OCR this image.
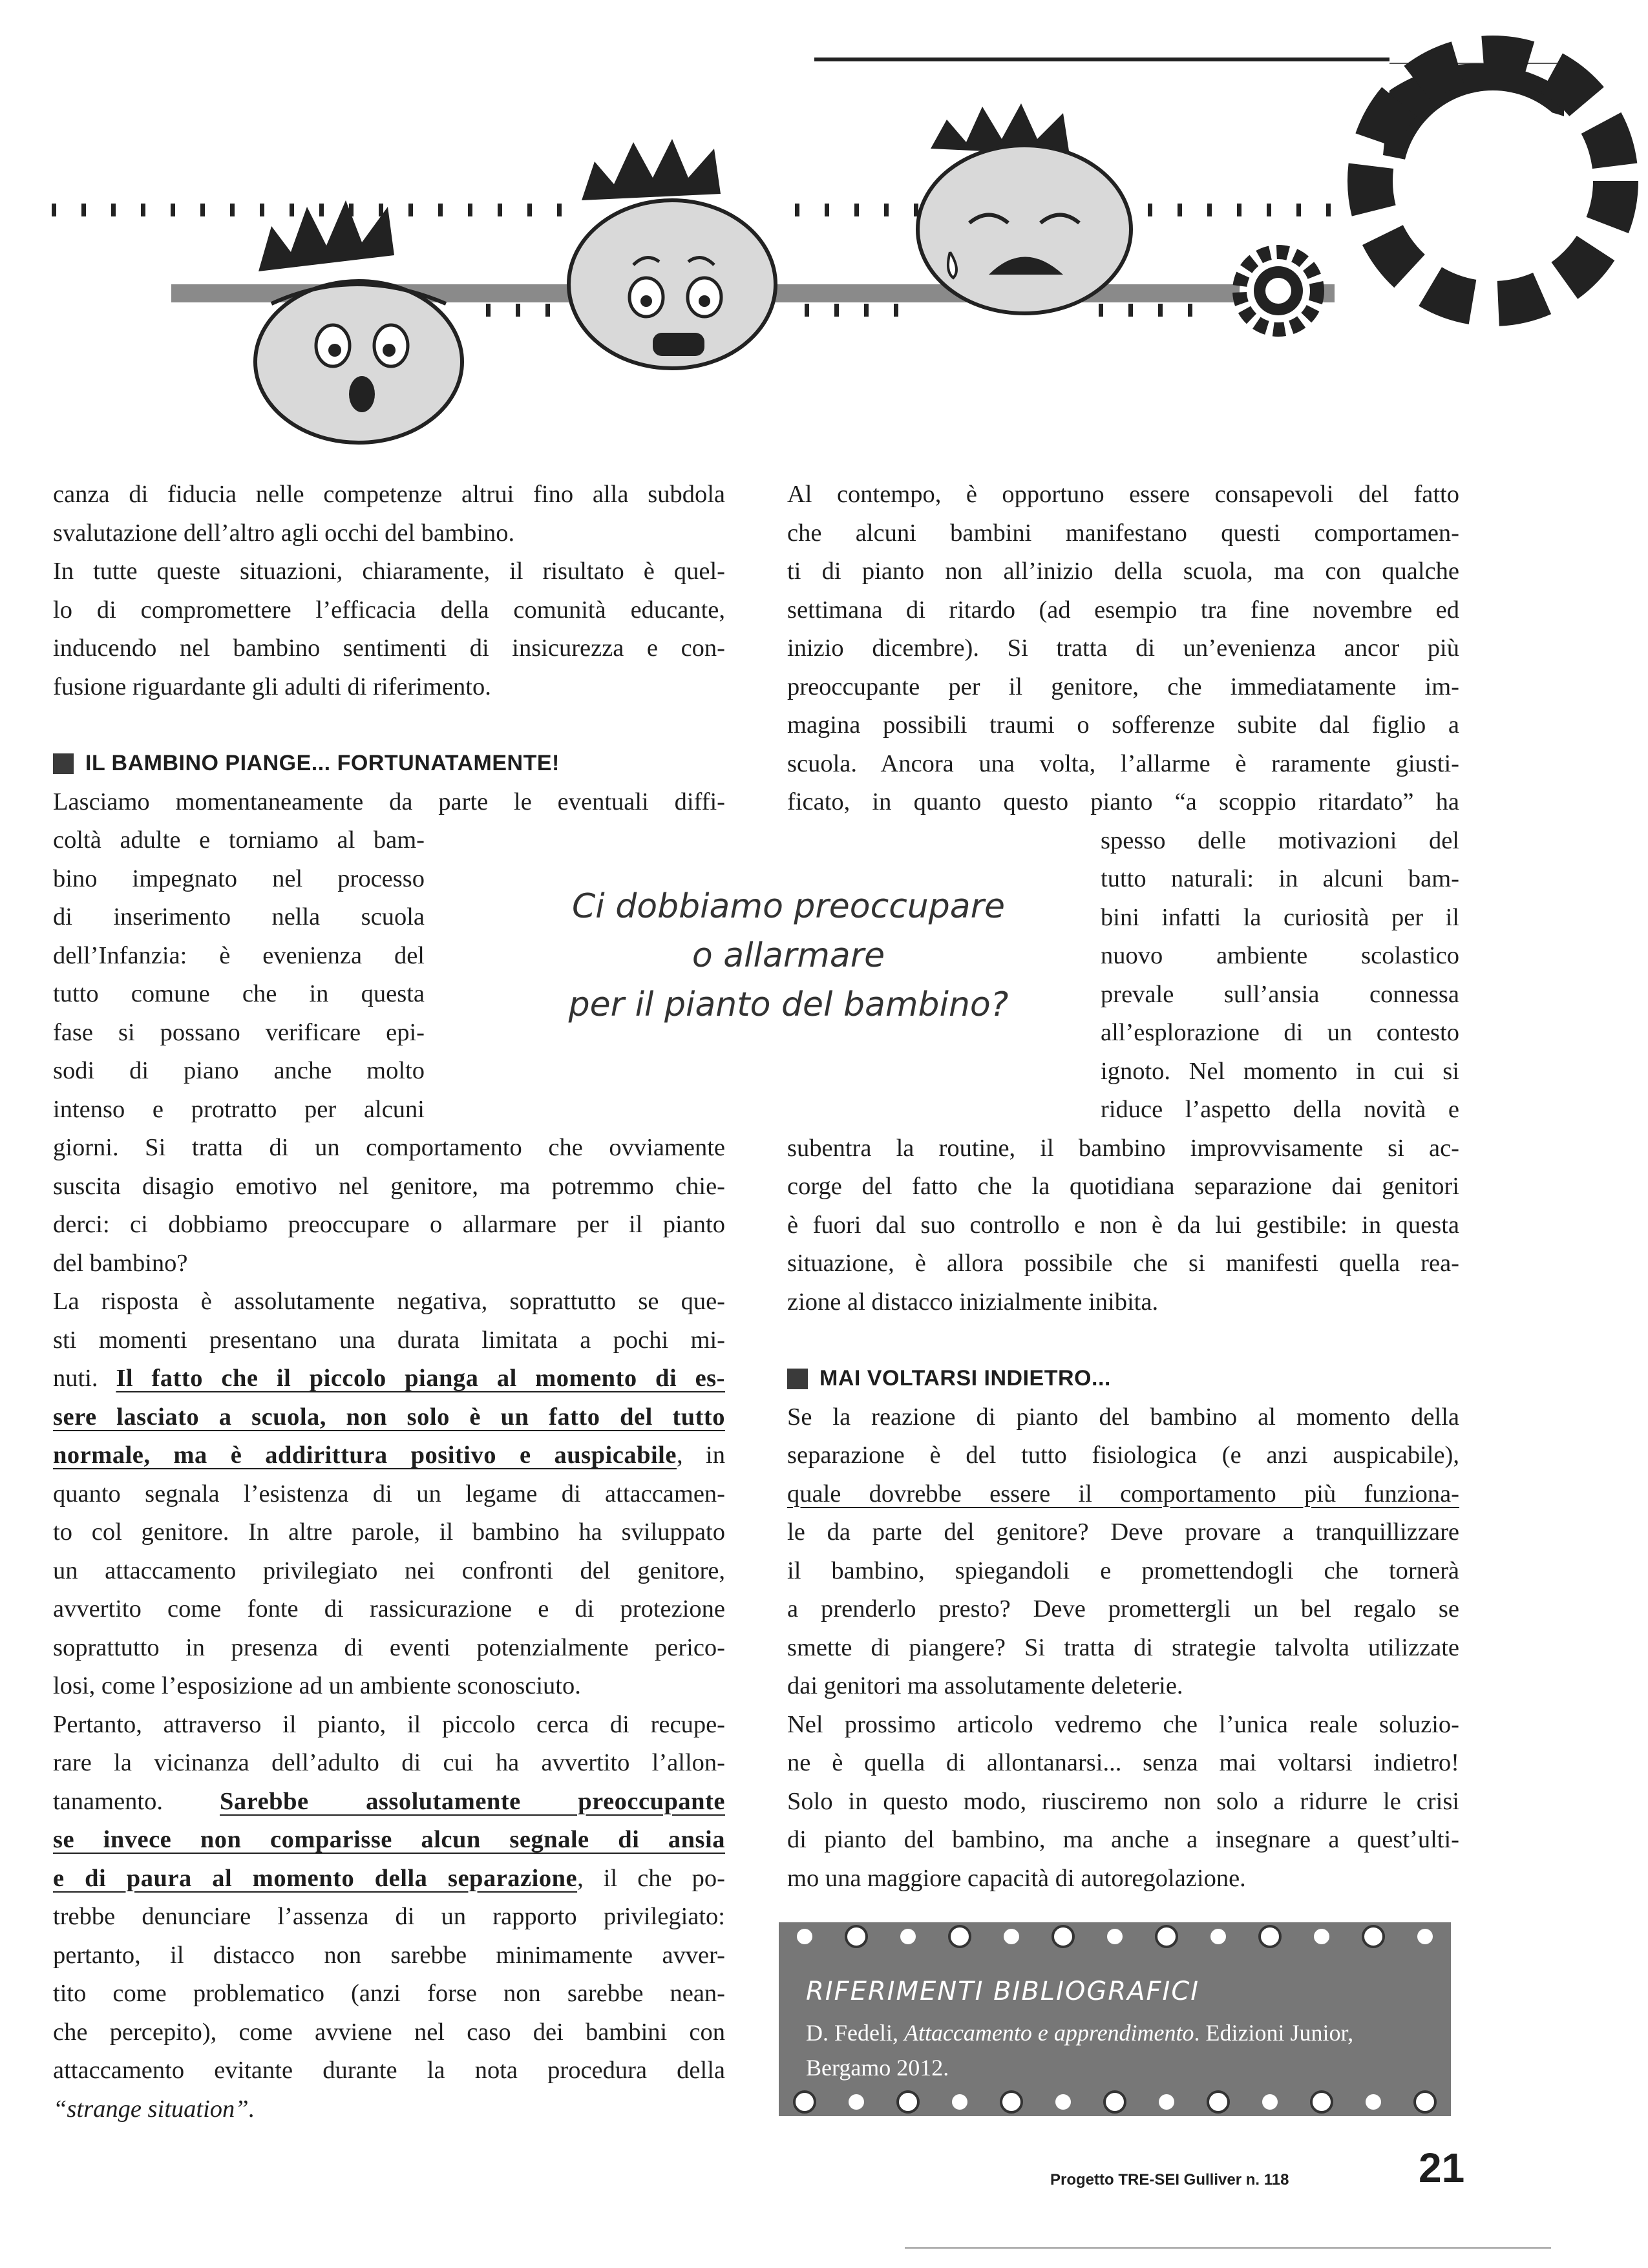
canza di fiducia nelle competenze altrui fino alla subdola
svalutazione dell’altro agli occhi del bambino.

In tutte queste situazioni, chiaramente, il risultato è quel-
lo di compromettere l’efficacia della comunità educante,
inducendo nel bambino sentimenti di insicurezza e con-
fusione riguardante gli adulti di riferimento.

IL BAMBINO PIANGE... FORTUNATAMENTE!

Lasciamo momentaneamente da parte le eventuali diffi-
coltà adulte e torniamo al bam-
bino impegnato nel processo
di inserimento nella scuola
dell’Infanzia: è evenienza del
tutto comune che in questa
fase si possano verificare epi-
sodi di piano anche molto
intenso e protratto per alcuni
giorni. Si tratta di un comportamento che ovviamente
suscita disagio emotivo nel genitore, ma potremmo chie-
derci: ci dobbiamo preoccupare o allarmare per il pianto
del bambino?

La risposta è assolutamente negativa, soprattutto se que-
sti momenti presentano una durata limitata a pochi mi-
nuti. Il fatto che il piccolo pianga al momento di es-
sere lasciato a scuola, non solo è un fatto del tutto
normale, ma è addirittura positivo e auspicabile, in
quanto segnala l’esistenza di un legame di attaccamen-
to col genitore. In altre parole, il bambino ha sviluppato
un attaccamento privilegiato nei confronti del genitore,
avvertito come fonte di rassicurazione e di protezione
soprattutto in presenza di eventi potenzialmente perico-
losi, come l’esposizione ad un ambiente sconosciuto.

Pertanto, attraverso il pianto, il piccolo cerca di recupe-
rare la vicinanza dell’adulto di cui ha avvertito l’allon-
tanamento. Sarebbe assolutamente preoccupante
se invece non comparisse alcun segnale di ansia
e di paura al momento della separazione, il che po-
trebbe denunciare l’assenza di un rapporto privilegiato:
pertanto, il distacco non sarebbe minimamente avver-
tito come problematico (anzi forse non sarebbe nean-
che percepito), come avviene nel caso dei bambini con
attaccamento evitante durante la nota procedura della
“strange situation”.

Ci dobbiamo preoccupare
o allarmare
per il pianto del bambino?

Al contempo, è opportuno essere consapevoli del fatto
che alcuni bambini manifestano questi comportamen-
ti di pianto non all’inizio della scuola, ma con qualche
settimana di ritardo (ad esempio tra fine novembre ed
inizio dicembre). Si tratta di un’evenienza ancor più
preoccupante per il genitore, che immediatamente im-
magina possibili traumi o sofferenze subite dal figlio a
scuola. Ancora una volta, l’allarme è raramente giusti-
ficato, in quanto questo pianto “a scoppio ritardato” ha
spesso delle motivazioni del
tutto naturali: in alcuni bam-
bini infatti la curiosità per il
nuovo ambiente scolastico
prevale sull’ansia connessa
all’esplorazione di un contesto
ignoto. Nel momento in cui si
riduce l’aspetto della novità e
subentra la routine, il bambino improvvisamente si ac-
corge del fatto che la quotidiana separazione dai genitori
è fuori dal suo controllo e non è da lui gestibile: in questa
situazione, è allora possibile che si manifesti quella rea-
zione al distacco inizialmente inibita.

MAI VOLTARSI INDIETRO...

Se la reazione di pianto del bambino al momento della
separazione è del tutto fisiologica (e anzi auspicabile),
quale dovrebbe essere il comportamento più funziona-
le da parte del genitore? Deve provare a tranquillizzare
il bambino, spiegandoli e promettendogli che tornerà
a prenderlo presto? Deve promettergli un bel regalo se
smette di piangere? Si tratta di strategie talvolta utilizzate
dai genitori ma assolutamente deleterie.

Nel prossimo articolo vedremo che l’unica reale soluzio-
ne è quella di allontanarsi... senza mai voltarsi indietro!
Solo in questo modo, riusciremo non solo a ridurre le crisi
di pianto del bambino, ma anche a insegnare a quest’ulti-
mo una maggiore capacità di autoregolazione.

RIFERIMENTI BIBLIOGRAFICI
D. Fedeli, Attaccamento e apprendimento. Edizioni Junior,
Bergamo 2012.
Progetto TRE-SEI Gulliver n. 118	21
